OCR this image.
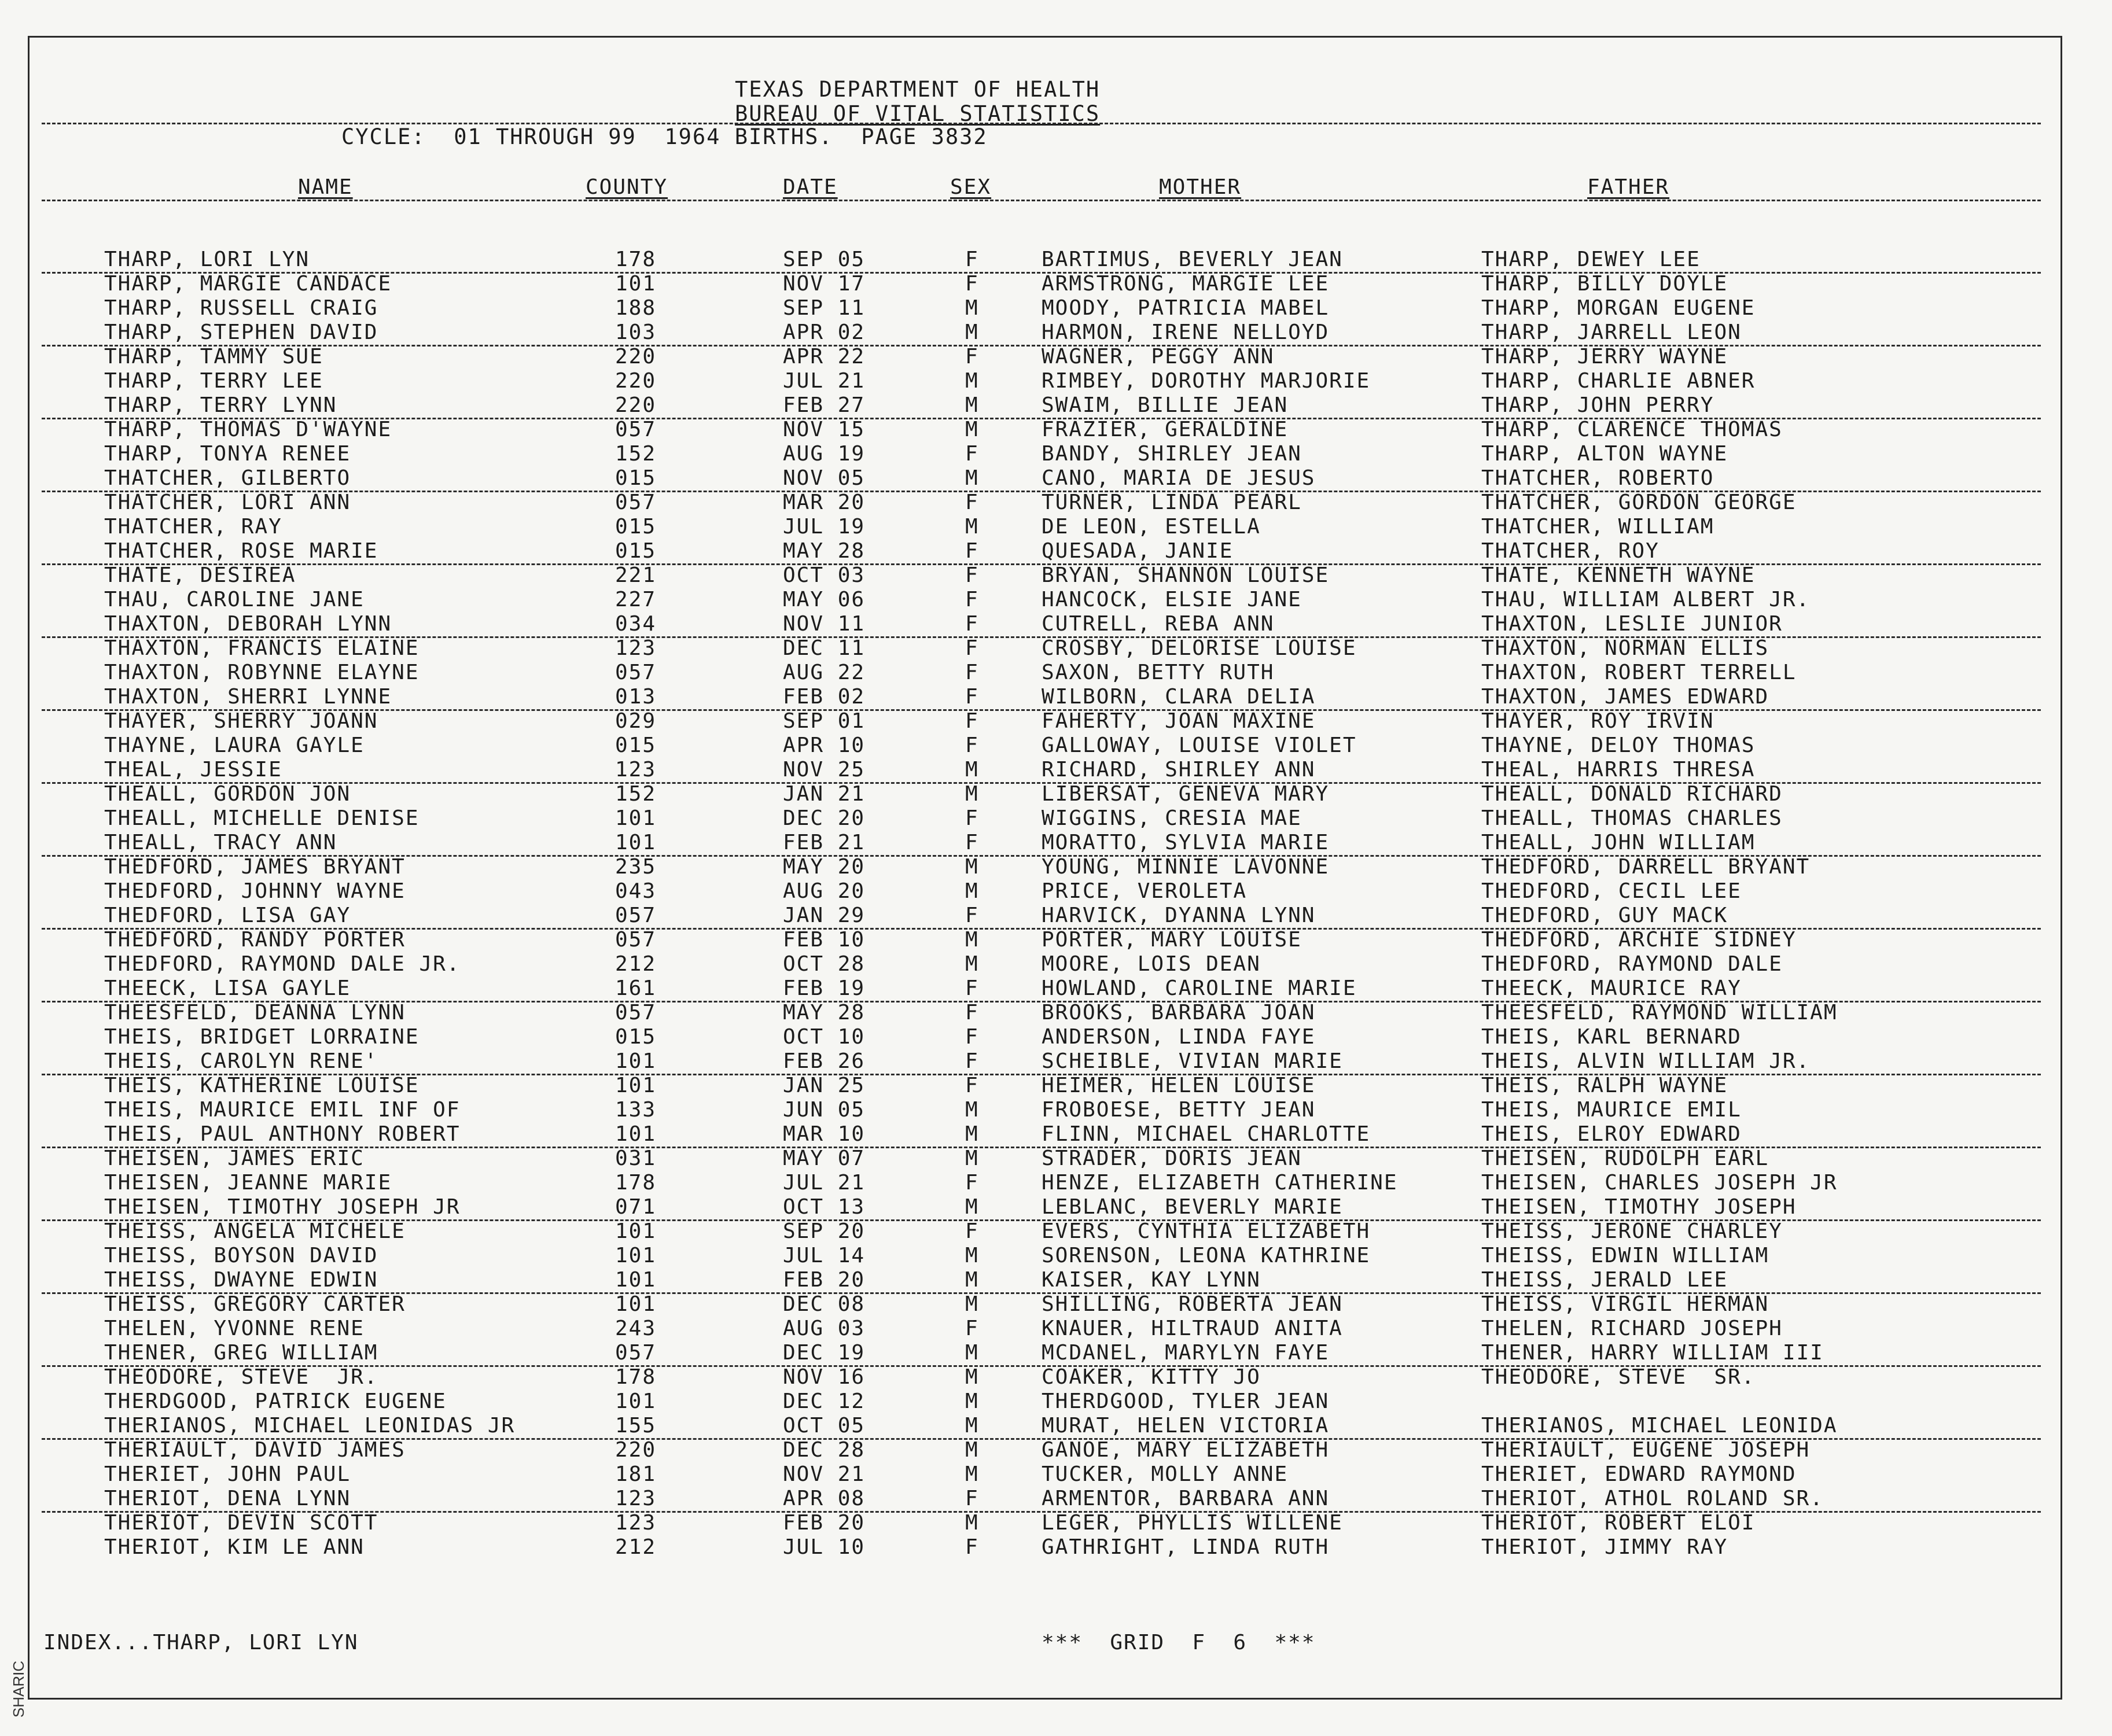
SHARIC
TEXAS DEPARTMENT OF HEALTH
BUREAU OF VITAL STATISTICS
CYCLE:  01 THROUGH 99  1964 BIRTHS.  PAGE 3832
NAME	COUNTY	DATE	SEX	MOTHER	FATHER
THARP, LORI LYN	178	SEP 05	F	BARTIMUS, BEVERLY JEAN	THARP, DEWEY LEE
THARP, MARGIE CANDACE	101	NOV 17	F	ARMSTRONG, MARGIE LEE	THARP, BILLY DOYLE
THARP, RUSSELL CRAIG	188	SEP 11	M	MOODY, PATRICIA MABEL	THARP, MORGAN EUGENE
THARP, STEPHEN DAVID	103	APR 02	M	HARMON, IRENE NELLOYD	THARP, JARRELL LEON
THARP, TAMMY SUE	220	APR 22	F	WAGNER, PEGGY ANN	THARP, JERRY WAYNE
THARP, TERRY LEE	220	JUL 21	M	RIMBEY, DOROTHY MARJORIE	THARP, CHARLIE ABNER
THARP, TERRY LYNN	220	FEB 27	M	SWAIM, BILLIE JEAN	THARP, JOHN PERRY
THARP, THOMAS D'WAYNE	057	NOV 15	M	FRAZIER, GERALDINE	THARP, CLARENCE THOMAS
THARP, TONYA RENEE	152	AUG 19	F	BANDY, SHIRLEY JEAN	THARP, ALTON WAYNE
THATCHER, GILBERTO	015	NOV 05	M	CANO, MARIA DE JESUS	THATCHER, ROBERTO
THATCHER, LORI ANN	057	MAR 20	F	TURNER, LINDA PEARL	THATCHER, GORDON GEORGE
THATCHER, RAY	015	JUL 19	M	DE LEON, ESTELLA	THATCHER, WILLIAM
THATCHER, ROSE MARIE	015	MAY 28	F	QUESADA, JANIE	THATCHER, ROY
THATE, DESIREA	221	OCT 03	F	BRYAN, SHANNON LOUISE	THATE, KENNETH WAYNE
THAU, CAROLINE JANE	227	MAY 06	F	HANCOCK, ELSIE JANE	THAU, WILLIAM ALBERT JR.
THAXTON, DEBORAH LYNN	034	NOV 11	F	CUTRELL, REBA ANN	THAXTON, LESLIE JUNIOR
THAXTON, FRANCIS ELAINE	123	DEC 11	F	CROSBY, DELORISE LOUISE	THAXTON, NORMAN ELLIS
THAXTON, ROBYNNE ELAYNE	057	AUG 22	F	SAXON, BETTY RUTH	THAXTON, ROBERT TERRELL
THAXTON, SHERRI LYNNE	013	FEB 02	F	WILBORN, CLARA DELIA	THAXTON, JAMES EDWARD
THAYER, SHERRY JOANN	029	SEP 01	F	FAHERTY, JOAN MAXINE	THAYER, ROY IRVIN
THAYNE, LAURA GAYLE	015	APR 10	F	GALLOWAY, LOUISE VIOLET	THAYNE, DELOY THOMAS
THEAL, JESSIE	123	NOV 25	M	RICHARD, SHIRLEY ANN	THEAL, HARRIS THRESA
THEALL, GORDON JON	152	JAN 21	M	LIBERSAT, GENEVA MARY	THEALL, DONALD RICHARD
THEALL, MICHELLE DENISE	101	DEC 20	F	WIGGINS, CRESIA MAE	THEALL, THOMAS CHARLES
THEALL, TRACY ANN	101	FEB 21	F	MORATTO, SYLVIA MARIE	THEALL, JOHN WILLIAM
THEDFORD, JAMES BRYANT	235	MAY 20	M	YOUNG, MINNIE LAVONNE	THEDFORD, DARRELL BRYANT
THEDFORD, JOHNNY WAYNE	043	AUG 20	M	PRICE, VEROLETA	THEDFORD, CECIL LEE
THEDFORD, LISA GAY	057	JAN 29	F	HARVICK, DYANNA LYNN	THEDFORD, GUY MACK
THEDFORD, RANDY PORTER	057	FEB 10	M	PORTER, MARY LOUISE	THEDFORD, ARCHIE SIDNEY
THEDFORD, RAYMOND DALE JR.	212	OCT 28	M	MOORE, LOIS DEAN	THEDFORD, RAYMOND DALE
THEECK, LISA GAYLE	161	FEB 19	F	HOWLAND, CAROLINE MARIE	THEECK, MAURICE RAY
THEESFELD, DEANNA LYNN	057	MAY 28	F	BROOKS, BARBARA JOAN	THEESFELD, RAYMOND WILLIAM
THEIS, BRIDGET LORRAINE	015	OCT 10	F	ANDERSON, LINDA FAYE	THEIS, KARL BERNARD
THEIS, CAROLYN RENE'	101	FEB 26	F	SCHEIBLE, VIVIAN MARIE	THEIS, ALVIN WILLIAM JR.
THEIS, KATHERINE LOUISE	101	JAN 25	F	HEIMER, HELEN LOUISE	THEIS, RALPH WAYNE
THEIS, MAURICE EMIL INF OF	133	JUN 05	M	FROBOESE, BETTY JEAN	THEIS, MAURICE EMIL
THEIS, PAUL ANTHONY ROBERT	101	MAR 10	M	FLINN, MICHAEL CHARLOTTE	THEIS, ELROY EDWARD
THEISEN, JAMES ERIC	031	MAY 07	M	STRADER, DORIS JEAN	THEISEN, RUDOLPH EARL
THEISEN, JEANNE MARIE	178	JUL 21	F	HENZE, ELIZABETH CATHERINE	THEISEN, CHARLES JOSEPH JR
THEISEN, TIMOTHY JOSEPH JR	071	OCT 13	M	LEBLANC, BEVERLY MARIE	THEISEN, TIMOTHY JOSEPH
THEISS, ANGELA MICHELE	101	SEP 20	F	EVERS, CYNTHIA ELIZABETH	THEISS, JERONE CHARLEY
THEISS, BOYSON DAVID	101	JUL 14	M	SORENSON, LEONA KATHRINE	THEISS, EDWIN WILLIAM
THEISS, DWAYNE EDWIN	101	FEB 20	M	KAISER, KAY LYNN	THEISS, JERALD LEE
THEISS, GREGORY CARTER	101	DEC 08	M	SHILLING, ROBERTA JEAN	THEISS, VIRGIL HERMAN
THELEN, YVONNE RENE	243	AUG 03	F	KNAUER, HILTRAUD ANITA	THELEN, RICHARD JOSEPH
THENER, GREG WILLIAM	057	DEC 19	M	MCDANEL, MARYLYN FAYE	THENER, HARRY WILLIAM III
THEODORE, STEVE  JR.	178	NOV 16	M	COAKER, KITTY JO	THEODORE, STEVE  SR.
THERDGOOD, PATRICK EUGENE	101	DEC 12	M	THERDGOOD, TYLER JEAN
THERIANOS, MICHAEL LEONIDAS JR	155	OCT 05	M	MURAT, HELEN VICTORIA	THERIANOS, MICHAEL LEONIDA
THERIAULT, DAVID JAMES	220	DEC 28	M	GANOE, MARY ELIZABETH	THERIAULT, EUGENE JOSEPH
THERIET, JOHN PAUL	181	NOV 21	M	TUCKER, MOLLY ANNE	THERIET, EDWARD RAYMOND
THERIOT, DENA LYNN	123	APR 08	F	ARMENTOR, BARBARA ANN	THERIOT, ATHOL ROLAND SR.
THERIOT, DEVIN SCOTT	123	FEB 20	M	LEGER, PHYLLIS WILLENE	THERIOT, ROBERT ELOI
THERIOT, KIM LE ANN	212	JUL 10	F	GATHRIGHT, LINDA RUTH	THERIOT, JIMMY RAY
INDEX...THARP, LORI LYN	***  GRID  F  6  ***
